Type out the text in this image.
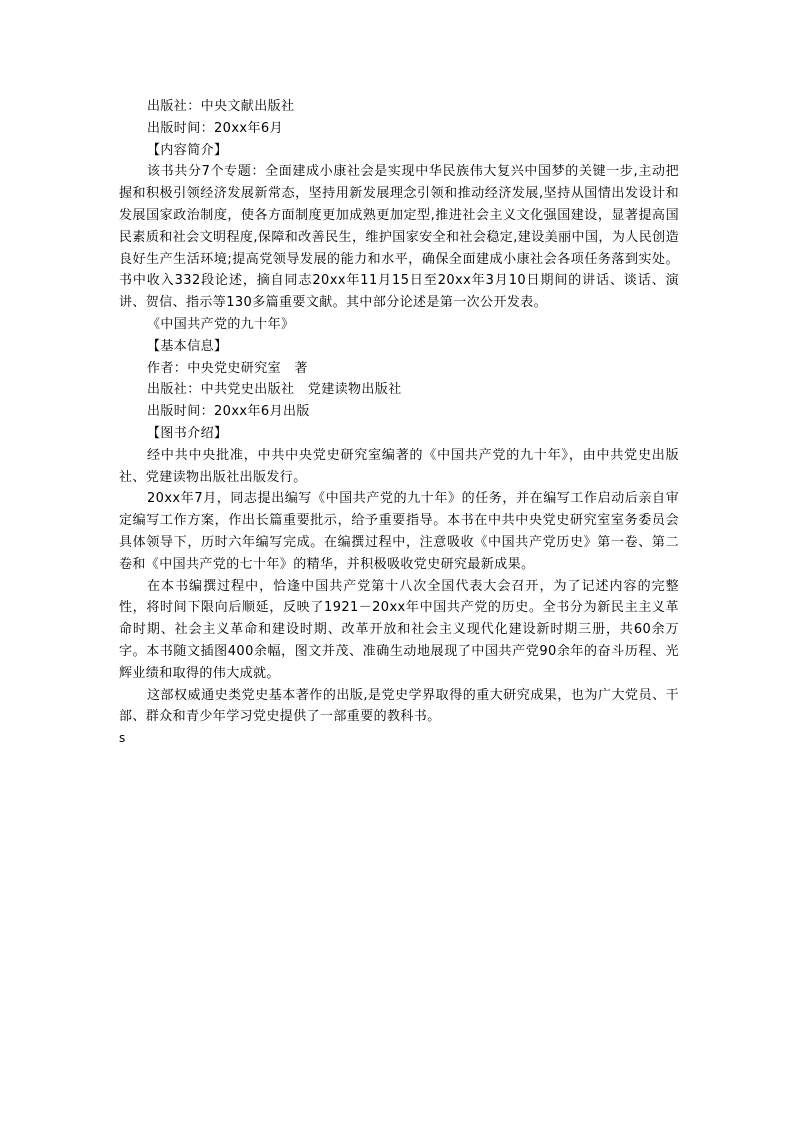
出版社：中央文献出版社
出版时间：20xx年6月
【内容简介】

该书共分7个专题：全面建成小康社会是实现中华民族伟大复兴中国梦的关键一步,主动把握和积极引领经济发展新常态，坚持用新发展理念引领和推动经济发展,坚持从国情出发设计和发展国家政治制度，使各方面制度更加成熟更加定型,推进社会主义文化强国建设，显著提高国民素质和社会文明程度,保障和改善民生，维护国家安全和社会稳定,建设美丽中国，为人民创造良好生产生活环境;提高党领导发展的能力和水平，确保全面建成小康社会各项任务落到实处。书中收入332段论述，摘自同志20xx年11月15日至20xx年3月10日期间的讲话、谈话、演讲、贺信、指示等130多篇重要文献。其中部分论述是第一次公开发表。

《中国共产党的九十年》
【基本信息】
作者：中央党史研究室　著
出版社：中共党史出版社　党建读物出版社
出版时间：20xx年6月出版
【图书介绍】

经中共中央批准，中共中央党史研究室编著的《中国共产党的九十年》，由中共党史出版社、党建读物出版社出版发行。

20xx年7月，同志提出编写《中国共产党的九十年》的任务，并在编写工作启动后亲自审定编写工作方案，作出长篇重要批示，给予重要指导。本书在中共中央党史研究室室务委员会具体领导下，历时六年编写完成。在编撰过程中，注意吸收《中国共产党历史》第一卷、第二卷和《中国共产党的七十年》的精华，并积极吸收党史研究最新成果。

在本书编撰过程中，恰逢中国共产党第十八次全国代表大会召开，为了记述内容的完整性，将时间下限向后顺延，反映了1921－20xx年中国共产党的历史。全书分为新民主主义革命时期、社会主义革命和建设时期、改革开放和社会主义现代化建设新时期三册，共60余万字。本书随文插图400余幅，图文并茂、准确生动地展现了中国共产党90余年的奋斗历程、光辉业绩和取得的伟大成就。

这部权威通史类党史基本著作的出版,是党史学界取得的重大研究成果，也为广大党员、干部、群众和青少年学习党史提供了一部重要的教科书。

s
